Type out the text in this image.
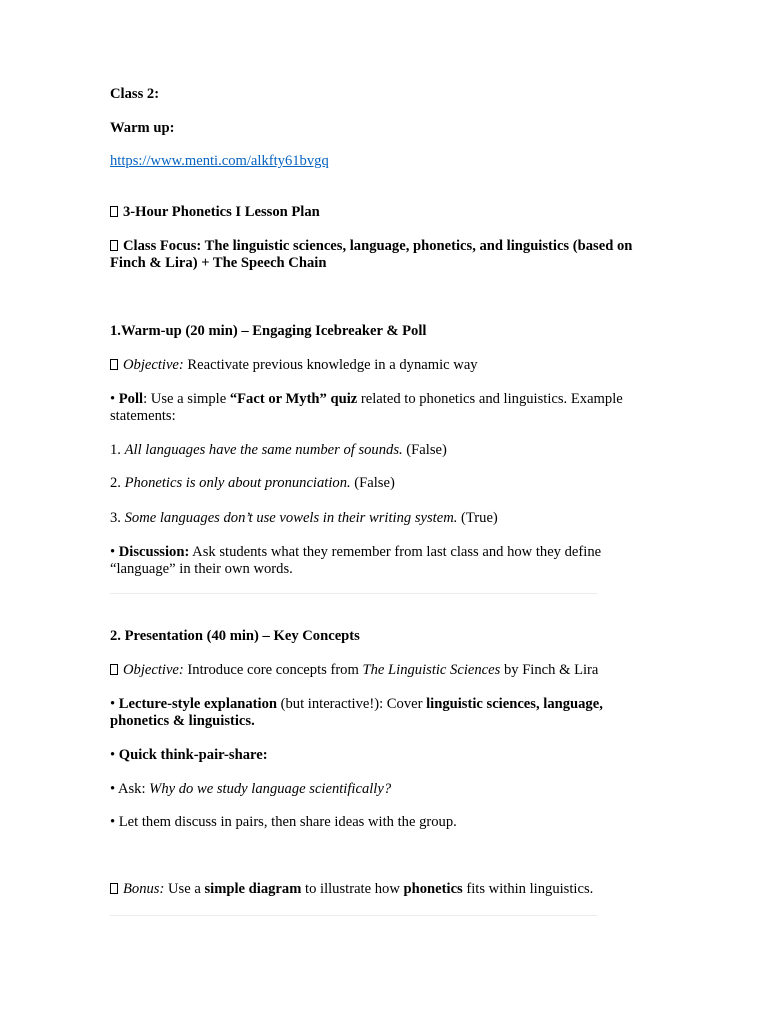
Class 2:
Warm up:
https://www.menti.com/alkfty61bvgq
3-Hour Phonetics I Lesson Plan
Class Focus: The linguistic sciences, language, phonetics, and linguistics (based on Finch & Lira) + The Speech Chain
1.Warm-up (20 min) – Engaging Icebreaker & Poll
Objective: Reactivate previous knowledge in a dynamic way
• Poll: Use a simple “Fact or Myth” quiz related to phonetics and linguistics. Example statements:
1. All languages have the same number of sounds. (False)
2. Phonetics is only about pronunciation. (False)
3. Some languages don’t use vowels in their writing system. (True)
• Discussion: Ask students what they remember from last class and how they define “language” in their own words.
2. Presentation (40 min) – Key Concepts
Objective: Introduce core concepts from The Linguistic Sciences by Finch & Lira
• Lecture-style explanation (but interactive!): Cover linguistic sciences, language, phonetics & linguistics.
• Quick think-pair-share:
• Ask: Why do we study language scientifically?
• Let them discuss in pairs, then share ideas with the group.
Bonus: Use a simple diagram to illustrate how phonetics fits within linguistics.
